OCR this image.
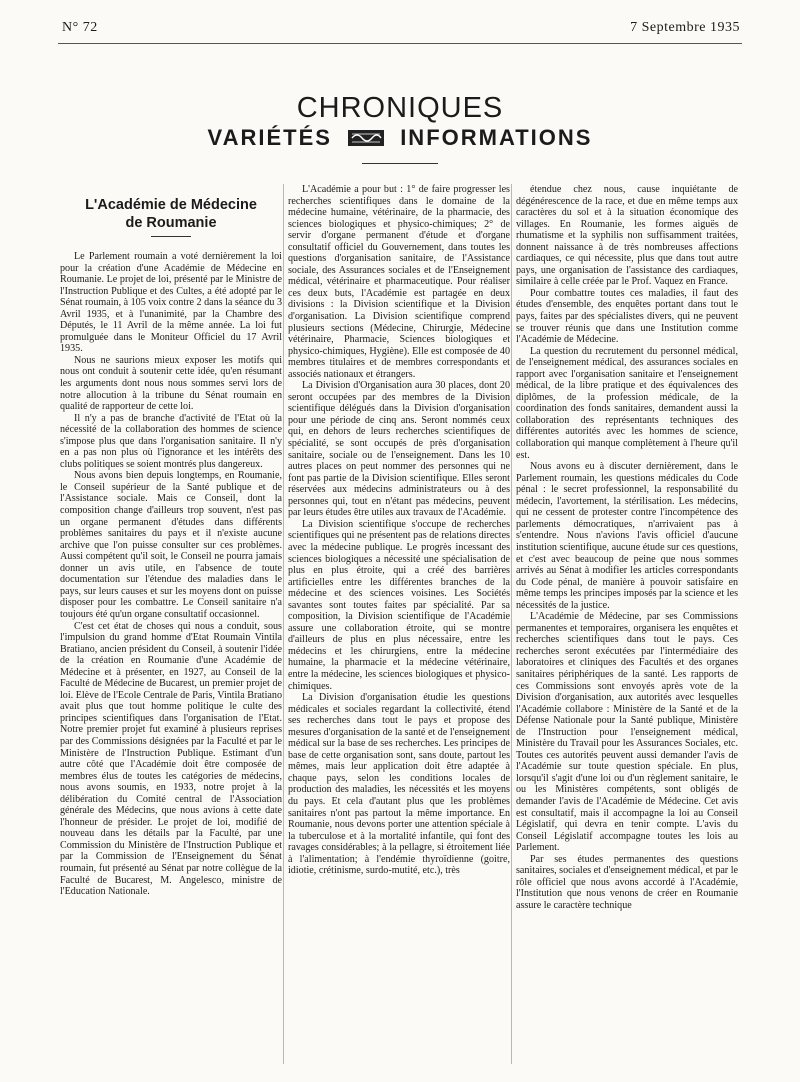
N° 72	7 Septembre 1935
CHRONIQUES
VARIÉTÉS	INFORMATIONS
L'Académie de Médecine
de Roumanie

Le Parlement roumain a voté dernièrement la loi pour la création d'une Académie de Médecine en Roumanie. Le projet de loi, présenté par le Ministre de l'Instruction Publique et des Cultes, a été adopté par le Sénat roumain, à 105 voix contre 2 dans la séance du 3 Avril 1935, et à l'unanimité, par la Chambre des Députés, le 11 Avril de la même année. La loi fut promulguée dans le Moniteur Officiel du 17 Avril 1935.

Nous ne saurions mieux exposer les motifs qui nous ont conduit à soutenir cette idée, qu'en résumant les arguments dont nous nous sommes servi lors de notre allocution à la tribune du Sénat roumain en qualité de rapporteur de cette loi.

Il n'y a pas de branche d'activité de l'Etat où la nécessité de la collaboration des hommes de science s'impose plus que dans l'organisation sanitaire. Il n'y en a pas non plus où l'ignorance et les intérêts des clubs politiques se soient montrés plus dangereux.

Nous avons bien depuis longtemps, en Roumanie, le Conseil supérieur de la Santé publique et de l'Assistance sociale. Mais ce Conseil, dont la composition change d'ailleurs trop souvent, n'est pas un organe permanent d'études dans différents problèmes sanitaires du pays et il n'existe aucune archive que l'on puisse consulter sur ces problèmes. Aussi compétent qu'il soit, le Conseil ne pourra jamais donner un avis utile, en l'absence de toute documentation sur l'étendue des maladies dans le pays, sur leurs causes et sur les moyens dont on puisse disposer pour les combattre. Le Conseil sanitaire n'a toujours été qu'un organe consultatif occasionnel.

C'est cet état de choses qui nous a conduit, sous l'impulsion du grand homme d'Etat Roumain Vintila Bratiano, ancien président du Conseil, à soutenir l'idée de la création en Roumanie d'une Académie de Médecine et à présenter, en 1927, au Conseil de la Faculté de Médecine de Bucarest, un premier projet de loi. Elève de l'Ecole Centrale de Paris, Vintila Bratiano avait plus que tout homme politique le culte des principes scientifiques dans l'organisation de l'Etat. Notre premier projet fut examiné à plusieurs reprises par des Commissions désignées par la Faculté et par le Ministère de l'Instruction Publique. Estimant d'un autre côté que l'Académie doit être composée de membres élus de toutes les catégories de médecins, nous avons soumis, en 1933, notre projet à la délibération du Comité central de l'Association générale des Médecins, que nous avions à cette date l'honneur de présider. Le projet de loi, modifié de nouveau dans les détails par la Faculté, par une Commission du Ministère de l'Instruction Publique et par la Commission de l'Enseignement du Sénat roumain, fut présenté au Sénat par notre collègue de la Faculté de Bucarest, M. Angelesco, ministre de l'Education Nationale.

L'Académie a pour but : 1° de faire progresser les recherches scientifiques dans le domaine de la médecine humaine, vétérinaire, de la pharmacie, des sciences biologiques et physico-chimiques; 2° de servir d'organe permanent d'étude et d'organe consultatif officiel du Gouvernement, dans toutes les questions d'organisation sanitaire, de l'Assistance sociale, des Assurances sociales et de l'Enseignement médical, vétérinaire et pharmaceutique. Pour réaliser ces deux buts, l'Académie est partagée en deux divisions : la Division scientifique et la Division d'organisation. La Division scientifique comprend plusieurs sections (Médecine, Chirurgie, Médecine vétérinaire, Pharmacie, Sciences biologiques et physico-chimiques, Hygiène). Elle est composée de 40 membres titulaires et de membres correspondants et associés nationaux et étrangers.

La Division d'Organisation aura 30 places, dont 20 seront occupées par des membres de la Division scientifique délégués dans la Division d'organisation pour une période de cinq ans. Seront nommés ceux qui, en dehors de leurs recherches scientifiques de spécialité, se sont occupés de près d'organisation sanitaire, sociale ou de l'enseignement. Dans les 10 autres places on peut nommer des personnes qui ne font pas partie de la Division scientifique. Elles seront réservées aux médecins administrateurs ou à des personnes qui, tout en n'étant pas médecins, peuvent par leurs études être utiles aux travaux de l'Académie.

La Division scientifique s'occupe de recherches scientifiques qui ne présentent pas de relations directes avec la médecine publique. Le progrès incessant des sciences biologiques a nécessité une spécialisation de plus en plus étroite, qui a créé des barrières artificielles entre les différentes branches de la médecine et des sciences voisines. Les Sociétés savantes sont toutes faites par spécialité. Par sa composition, la Division scientifique de l'Académie assure une collaboration étroite, qui se montre d'ailleurs de plus en plus nécessaire, entre les médecins et les chirurgiens, entre la médecine humaine, la pharmacie et la médecine vétérinaire, entre la médecine, les sciences biologiques et physico-chimiques.

La Division d'organisation étudie les questions médicales et sociales regardant la collectivité, étend ses recherches dans tout le pays et propose des mesures d'organisation de la santé et de l'enseignement médical sur la base de ses recherches. Les principes de base de cette organisation sont, sans doute, partout les mêmes, mais leur application doit être adaptée à chaque pays, selon les conditions locales de production des maladies, les nécessités et les moyens du pays. Et cela d'autant plus que les problèmes sanitaires n'ont pas partout la même importance. En Roumanie, nous devons porter une attention spéciale à la tuberculose et à la mortalité infantile, qui font des ravages considérables; à la pellagre, si étroitement liée à l'alimentation; à l'endémie thyroïdienne (goitre, idiotie, crétinisme, surdo-mutité, etc.), très

étendue chez nous, cause inquiétante de dégénérescence de la race, et due en même temps aux caractères du sol et à la situation économique des villages. En Roumanie, les formes aiguës de rhumatisme et la syphilis non suffisamment traitées, donnent naissance à de très nombreuses affections cardiaques, ce qui nécessite, plus que dans tout autre pays, une organisation de l'assistance des cardiaques, similaire à celle créée par le Prof. Vaquez en France.

Pour combattre toutes ces maladies, il faut des études d'ensemble, des enquêtes portant dans tout le pays, faites par des spécialistes divers, qui ne peuvent se trouver réunis que dans une Institution comme l'Académie de Médecine.

La question du recrutement du personnel médical, de l'enseignement médical, des assurances sociales en rapport avec l'organisation sanitaire et l'enseignement médical, de la libre pratique et des équivalences des diplômes, de la profession médicale, de la coordination des fonds sanitaires, demandent aussi la collaboration des représentants techniques des différentes autorités avec les hommes de science, collaboration qui manque complètement à l'heure qu'il est.

Nous avons eu à discuter dernièrement, dans le Parlement roumain, les questions médicales du Code pénal : le secret professionnel, la responsabilité du médecin, l'avortement, la stérilisation. Les médecins, qui ne cessent de protester contre l'incompétence des parlements démocratiques, n'arrivaient pas à s'entendre. Nous n'avions l'avis officiel d'aucune institution scientifique, aucune étude sur ces questions, et c'est avec beaucoup de peine que nous sommes arrivés au Sénat à modifier les articles correspondants du Code pénal, de manière à pouvoir satisfaire en même temps les principes imposés par la science et les nécessités de la justice.

L'Académie de Médecine, par ses Commissions permanentes et temporaires, organisera les enquêtes et recherches scientifiques dans tout le pays. Ces recherches seront exécutées par l'intermédiaire des laboratoires et cliniques des Facultés et des organes sanitaires périphériques de la santé. Les rapports de ces Commissions sont envoyés après vote de la Division d'organisation, aux autorités avec lesquelles l'Académie collabore : Ministère de la Santé et de la Défense Nationale pour la Santé publique, Ministère de l'Instruction pour l'enseignement médical, Ministère du Travail pour les Assurances Sociales, etc. Toutes ces autorités peuvent aussi demander l'avis de l'Académie sur toute question spéciale. En plus, lorsqu'il s'agit d'une loi ou d'un règlement sanitaire, le ou les Ministères compétents, sont obligés de demander l'avis de l'Académie de Médecine. Cet avis est consultatif, mais il accompagne la loi au Conseil Législatif, qui devra en tenir compte. L'avis du Conseil Législatif accompagne toutes les lois au Parlement.

Par ses études permanentes des questions sanitaires, sociales et d'enseignement médical, et par le rôle officiel que nous avons accordé à l'Académie, l'Institution que nous venons de créer en Roumanie assure le caractère technique
